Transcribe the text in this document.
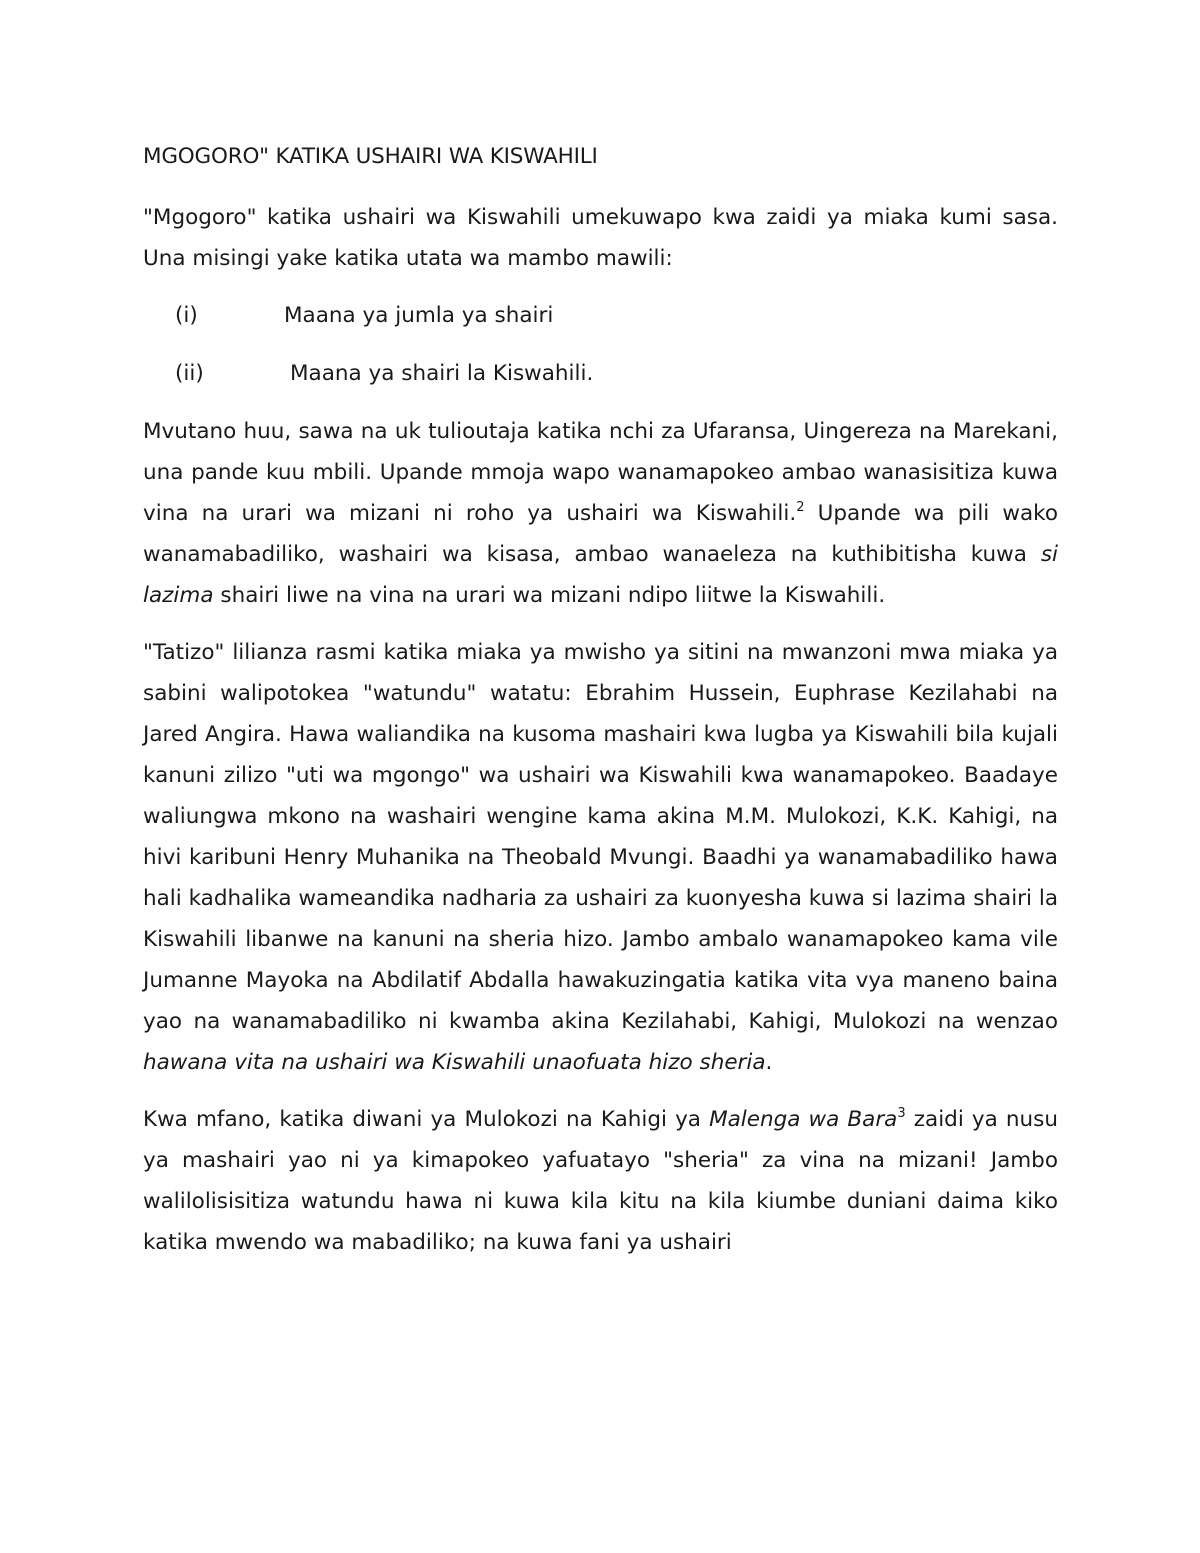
MGOGORO" KATIKA USHAIRI WA KISWAHILI

"Mgogoro" katika ushairi wa Kiswahili umekuwapo kwa zaidi ya miaka kumi sasa. Una misingi yake katika utata wa mambo mawili:

(i)	Maana ya jumla ya shairi
(ii)	Maana ya shairi la Kiswahili.

Mvutano huu, sawa na uk tulioutaja katika nchi za Ufaransa, Uingereza na Marekani, una pande kuu mbili. Upande mmoja wapo wanamapokeo ambao wanasisitiza kuwa vina na urari wa mizani ni roho ya ushairi wa Kiswahili.$^2$ Upande wa pili wako wanamabadiliko, washairi wa kisasa, ambao wanaeleza na kuthibitisha kuwa si lazima shairi liwe na vina na urari wa mizani ndipo liitwe la Kiswahili.

"Tatizo" lilianza rasmi katika miaka ya mwisho ya sitini na mwanzoni mwa miaka ya sabini walipotokea "watundu" watatu: Ebrahim Hussein, Euphrase Kezilahabi na Jared Angira. Hawa waliandika na kusoma mashairi kwa lugba ya Kiswahili bila kujali kanuni zilizo "uti wa mgongo" wa ushairi wa Kiswahili kwa wanamapokeo. Baadaye waliungwa mkono na washairi wengine kama akina M.M. Mulokozi, K.K. Kahigi, na hivi karibuni Henry Muhanika na Theobald Mvungi. Baadhi ya wanamabadiliko hawa hali kadhalika wameandika nadharia za ushairi za kuonyesha kuwa si lazima shairi la Kiswahili libanwe na kanuni na sheria hizo. Jambo ambalo wanamapokeo kama vile Jumanne Mayoka na Abdilatif Abdalla hawakuzingatia katika vita vya maneno baina yao na wanamabadiliko ni kwamba akina Kezilahabi, Kahigi, Mulokozi na wenzao hawana vita na ushairi wa Kiswahili unaofuata hizo sheria.

Kwa mfano, katika diwani ya Mulokozi na Kahigi ya Malenga wa Bara$^3$ zaidi ya nusu ya mashairi yao ni ya kimapokeo yafuatayo "sheria" za vina na mizani! Jambo walilolisisitiza watundu hawa ni kuwa kila kitu na kila kiumbe duniani daima kiko katika mwendo wa mabadiliko; na kuwa fani ya ushairi
